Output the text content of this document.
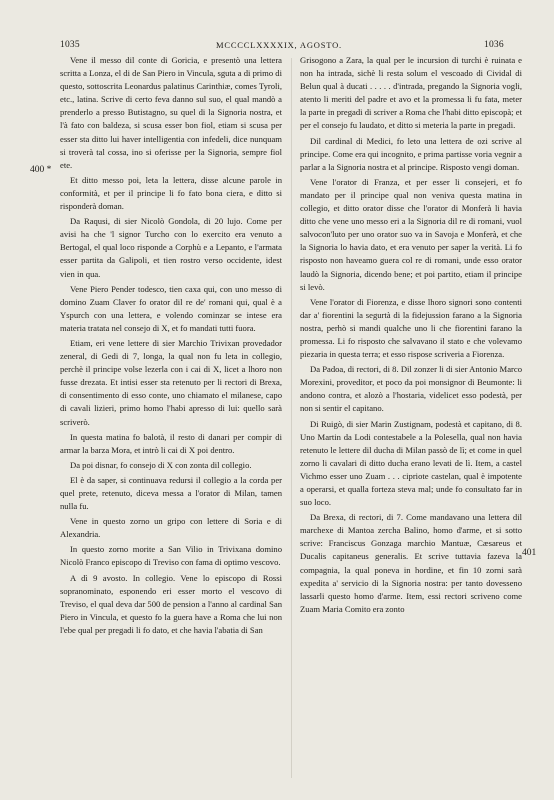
1035	MCCCCLXXXXIX, AGOSTO.	1036
400 *
401

Vene il messo dil conte di Goricia, e presentò una lettera scritta a Lonza, el di de San Piero in Vincula, sguta a di primo di questo, sottoscrita Leonardus palatinus Carinthiæ, comes Tyroli, etc., latina. Scrive di certo feva danno sul suo, el qual mandò a prenderlo a presso Butistagno, su quel di la Signoria nostra, et l'à fato con baldeza, si scusa esser bon fiol, etiam si scusa per esser sta ditto lui haver intelligentia con infedeli, dice nunquam si troverà tal cossa, ino si oferisse per la Signoria, sempre fiol ete.

Et ditto messo poi, leta la lettera, disse alcune parole in conformità, et per il principe li fo fato bona ciera, e ditto si risponderà doman.

Da Raqusi, di sier Nicolò Gondola, di 20 lujo. Come per avisi ha che 'l signor Turcho con lo exercito era venuto a Bertogal, el qual loco risponde a Corphù e a Lepanto, e l'armata esser partita da Galipoli, et tien rostro verso occidente, idest vien in qua.

Vene Piero Pender todesco, tien caxa qui, con uno messo di domino Zuam Claver fo orator dil re de' romani qui, qual è a Yspurch con una lettera, e volendo cominzar se intese era materia tratata nel consejo di X, et fo mandati tutti fuora.

Etiam, eri vene lettere di sier Marchio Trivixan provedador zeneral, di Gedi di 7, longa, la qual non fu leta in collegio, perchè il principe volse lezerla con i cai di X, licet a lhoro non fusse drezata. Et intisi esser sta retenuto per li rectori di Brexa, di consentimento di esso conte, uno chiamato el milanese, capo di cavali lizieri, primo homo l'habi apresso di lui: quello sarà scriverò.

In questa matina fo balotà, il resto di danari per compir di armar la barza Mora, et intrò li cai di X poi dentro.

Da poi disnar, fo consejo di X con zonta dil collegio.

El è da saper, si continuava redursi il collegio a la corda per quel prete, retenuto, diceva messa a l'orator di Milan, tamen nulla fu.

Vene in questo zorno un gripo con lettere di Soria e di Alexandria.

In questo zorno morite a San Vilio in Trivixana domino Nicolò Franco episcopo di Treviso con fama di optimo vescovo.

A dì 9 avosto. In collegio. Vene lo episcopo di Rossi sopranominato, esponendo eri esser morto el vescovo di Treviso, el qual deva dar 500 de pension a l'anno al cardinal San Piero in Vincula, et questo fo la guera have a Roma che lui non l'ebe qual per pregadi li fo dato, et che havia l'abatia di San

Grisogono a Zara, la qual per le incursion di turchi è ruinata e non ha intrada, sichè li resta solum el vescoado di Cividal di Belun qual à ducati . . . . . d'intrada, pregando la Signoria vogli, atento li meriti del padre et avo et la promessa li fu fata, meter la parte in pregadi di scriver a Roma che l'habi ditto episcopà; et per el consejo fu laudato, et ditto si meteria la parte in pregadi.

Dil cardinal di Medici, fo leto una lettera de ozi scrive al principe. Come era qui incognito, e prima partisse voria vegnir a parlar a la Signoria nostra et al principe. Risposto vengi doman.

Vene l'orator di Franza, et per esser li consejeri, et fo mandato per il principe qual non veniva questa matina in collegio, et ditto orator disse che l'orator di Monferà li havia ditto che vene uno messo eri a la Signoria dil re di romani, vuol salvocon'luto per uno orator suo va in Savoja e Monferà, et che la Signoria lo havia dato, et era venuto per saper la verità. Li fo risposto non haveamo guera col re di romani, unde esso orator laudò la Signoria, dicendo bene; et poi partito, etiam il principe si levò.

Vene l'orator di Fiorenza, e disse lhoro signori sono contenti dar a' fiorentini la segurtà di la fidejussion farano a la Signoria nostra, perhò si mandi qualche uno li che fiorentini farano la promessa. Li fo risposto che salvavano il stato e che volevamo piezaria in questa terra; et esso rispose scriveria a Fiorenza.

Da Padoa, di rectori, di 8. Dil zonzer li di sier Antonio Marco Morexini, proveditor, et poco da poi monsignor di Beumonte: li andono contra, et alozò a l'hostaria, videlicet esso podestà, per non si sentir el capitano.

Di Ruigò, di sier Marin Zustignam, podestà et capitano, di 8. Uno Martin da Lodi contestabele a la Polesella, qual non havia retenuto le lettere dil ducha di Milan passò de lì; et come in quel zorno li cavalari di ditto ducha erano levati de lì. Item, a castel Vichmo esser uno Zuam . . . cipriote castelan, qual è impotente a operarsi, et qualla forteza steva mal; unde fo consultato far in suo loco.

Da Brexa, di rectori, di 7. Come mandavano una lettera dil marchexe di Mantoa zercha Balino, homo d'arme, et si sotto scrive: Franciscus Gonzaga marchio Mantuæ, Cæsareus et Ducalis capitaneus generalis. Et scrive tuttavia fazeva la compagnia, la qual poneva in hordine, et fin 10 zorni sarà expedita a' servicio di la Signoria nostra: per tanto dovesseno lassarli questo homo d'arme. Item, essi rectori scriveno come Zuam Maria Comito era zonto
